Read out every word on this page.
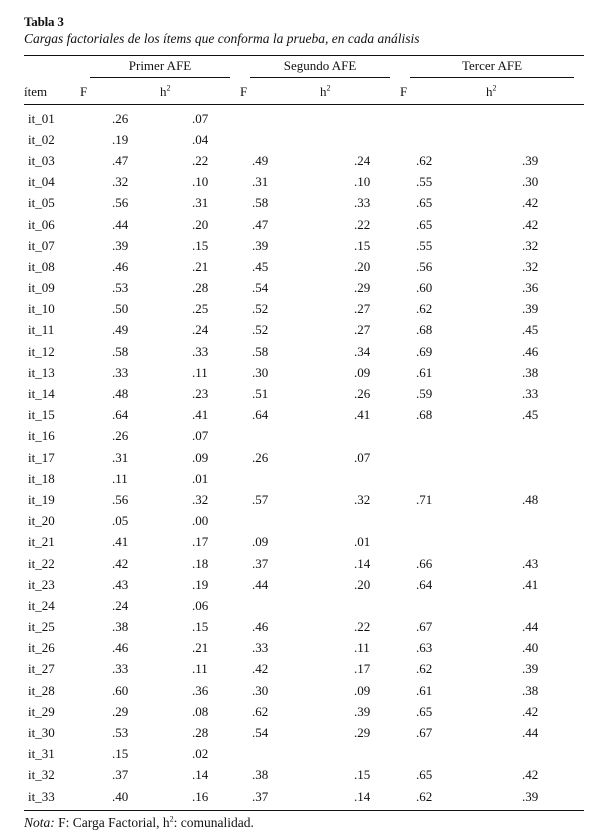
Tabla 3
Cargas factoriales de los ítems que conforma la prueba, en cada análisis

	Primer AFE		Segundo AFE		Tercer AFE	

ítem	F	$h^2$	F	$h^2$	F	$h^2$
it_01	.26	.07				
it_02	.19	.04				
it_03	.47	.22	.49	.24	.62	.39
it_04	.32	.10	.31	.10	.55	.30
it_05	.56	.31	.58	.33	.65	.42
it_06	.44	.20	.47	.22	.65	.42
it_07	.39	.15	.39	.15	.55	.32
it_08	.46	.21	.45	.20	.56	.32
it_09	.53	.28	.54	.29	.60	.36
it_10	.50	.25	.52	.27	.62	.39
it_11	.49	.24	.52	.27	.68	.45
it_12	.58	.33	.58	.34	.69	.46
it_13	.33	.11	.30	.09	.61	.38
it_14	.48	.23	.51	.26	.59	.33
it_15	.64	.41	.64	.41	.68	.45
it_16	.26	.07				
it_17	.31	.09	.26	.07		
it_18	.11	.01				
it_19	.56	.32	.57	.32	.71	.48
it_20	.05	.00				
it_21	.41	.17	.09	.01		
it_22	.42	.18	.37	.14	.66	.43
it_23	.43	.19	.44	.20	.64	.41
it_24	.24	.06				
it_25	.38	.15	.46	.22	.67	.44
it_26	.46	.21	.33	.11	.63	.40
it_27	.33	.11	.42	.17	.62	.39
it_28	.60	.36	.30	.09	.61	.38
it_29	.29	.08	.62	.39	.65	.42
it_30	.53	.28	.54	.29	.67	.44
it_31	.15	.02				
it_32	.37	.14	.38	.15	.65	.42
it_33	.40	.16	.37	.14	.62	.39
Nota: F: Carga Factorial, $h^2$: comunalidad.
